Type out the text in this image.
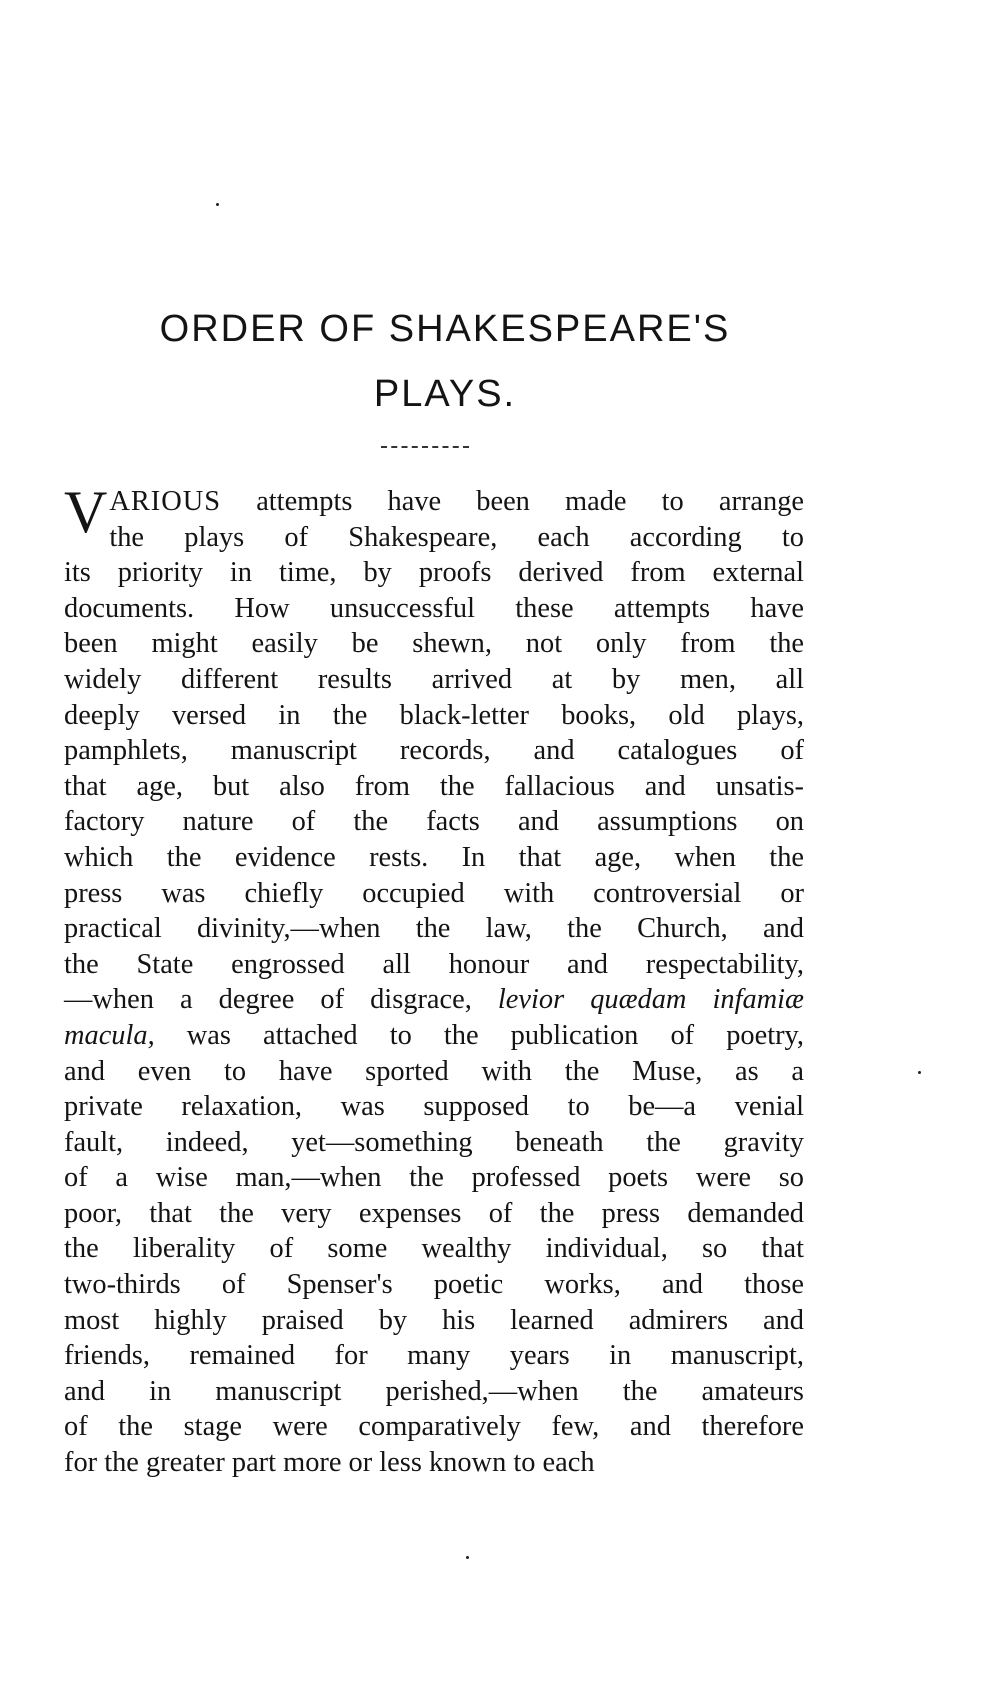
ORDER OF SHAKESPEARE'S
PLAYS.
V ARIOUS attempts have been made to arrange
the plays of Shakespeare, each according to
its priority in time, by proofs derived from external
documents. How unsuccessful these attempts have
been might easily be shewn, not only from the
widely different results arrived at by men, all
deeply versed in the black-letter books, old plays,
pamphlets, manuscript records, and catalogues of
that age, but also from the fallacious and unsatis-
factory nature of the facts and assumptions on
which the evidence rests. In that age, when the
press was chiefly occupied with controversial or
practical divinity,—when the law, the Church, and
the State engrossed all honour and respectability,
—when a degree of disgrace, levior quædam infamiæ
macula, was attached to the publication of poetry,
and even to have sported with the Muse, as a
private relaxation, was supposed to be—a venial
fault, indeed, yet—something beneath the gravity
of a wise man,—when the professed poets were so
poor, that the very expenses of the press demanded
the liberality of some wealthy individual, so that
two-thirds of Spenser's poetic works, and those
most highly praised by his learned admirers and
friends, remained for many years in manuscript,
and in manuscript perished,—when the amateurs
of the stage were comparatively few, and therefore
for the greater part more or less known to each
